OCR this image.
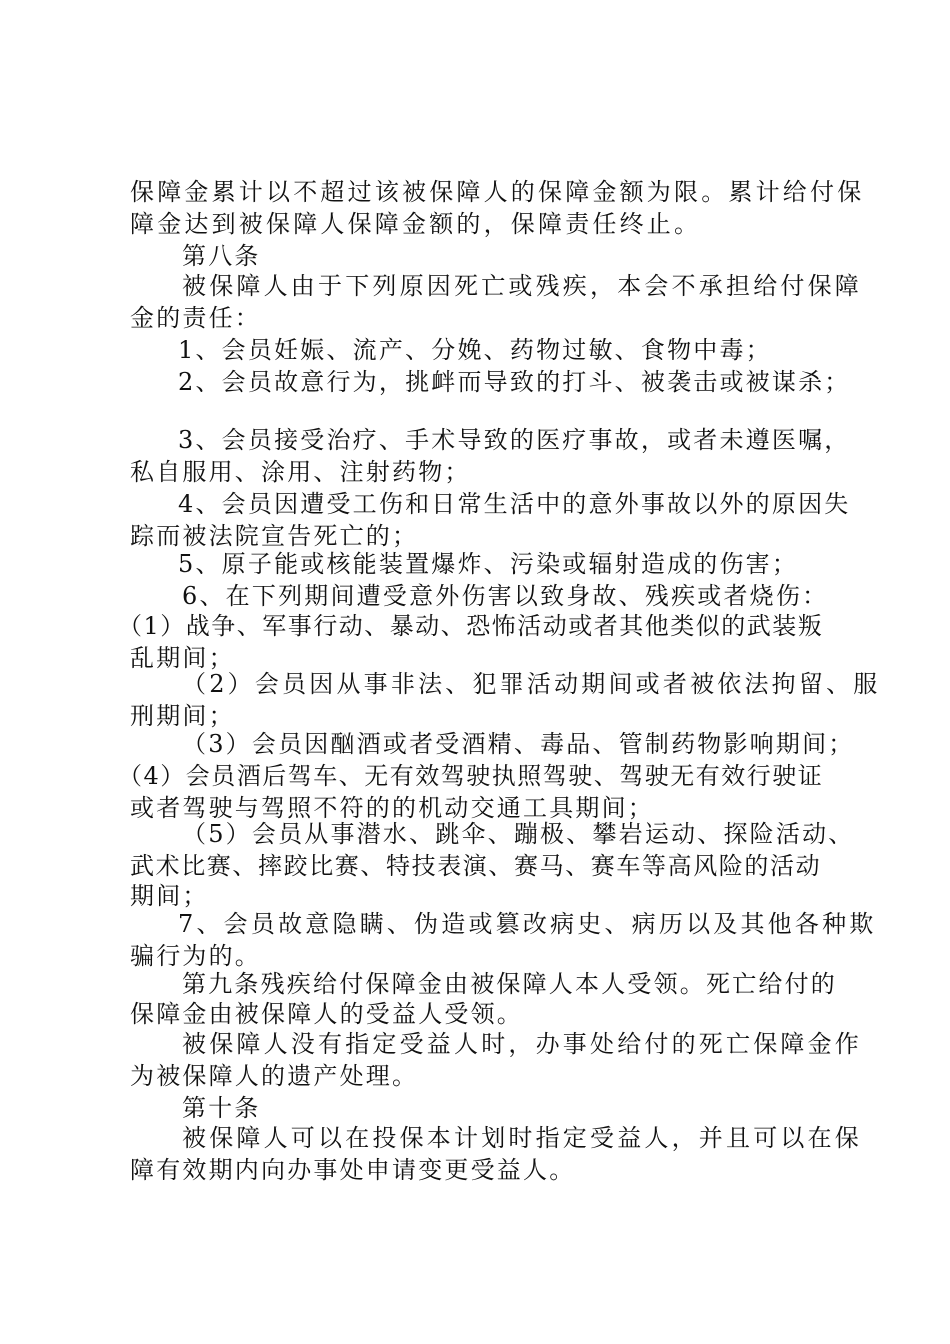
保障金累计以不超过该被保障人的保障金额为限。累计给付保
障金达到被保障人保障金额的，保障责任终止。
第八条
被保障人由于下列原因死亡或残疾，本会不承担给付保障
金的责任：
1、会员妊娠、流产、分娩、药物过敏、食物中毒；
2、会员故意行为，挑衅而导致的打斗、被袭击或被谋杀；
3、会员接受治疗、手术导致的医疗事故，或者未遵医嘱，
私自服用、涂用、注射药物；
4、会员因遭受工伤和日常生活中的意外事故以外的原因失
踪而被法院宣告死亡的；
5、原子能或核能装置爆炸、污染或辐射造成的伤害；
6、在下列期间遭受意外伤害以致身故、残疾或者烧伤：
（1）战争、军事行动、暴动、恐怖活动或者其他类似的武装叛
乱期间；
（2）会员因从事非法、犯罪活动期间或者被依法拘留、服
刑期间；
（3）会员因酗酒或者受酒精、毒品、管制药物影响期间；
（4）会员酒后驾车、无有效驾驶执照驾驶、驾驶无有效行驶证
或者驾驶与驾照不符的的机动交通工具期间；
（5）会员从事潜水、跳伞、蹦极、攀岩运动、探险活动、
武术比赛、摔跤比赛、特技表演、赛马、赛车等高风险的活动
期间；
7、会员故意隐瞒、伪造或篡改病史、病历以及其他各种欺
骗行为的。
第九条残疾给付保障金由被保障人本人受领。死亡给付的
保障金由被保障人的受益人受领。
被保障人没有指定受益人时，办事处给付的死亡保障金作
为被保障人的遗产处理。
第十条
被保障人可以在投保本计划时指定受益人，并且可以在保
障有效期内向办事处申请变更受益人。
